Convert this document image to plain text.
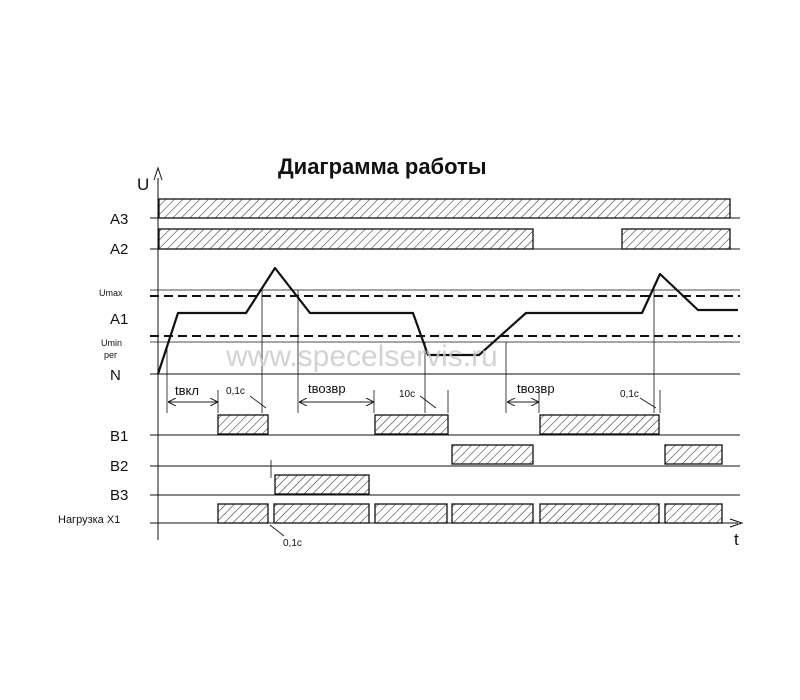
Диаграмма работы
U
t
A3
A2
Umax
A1
Umin
рег
N
B1
B2
B3
Нагрузка X1
tвкл	0,1c	tвозвр	10c	tвозвр	0,1c
0,1c
www.specelservis.ru
